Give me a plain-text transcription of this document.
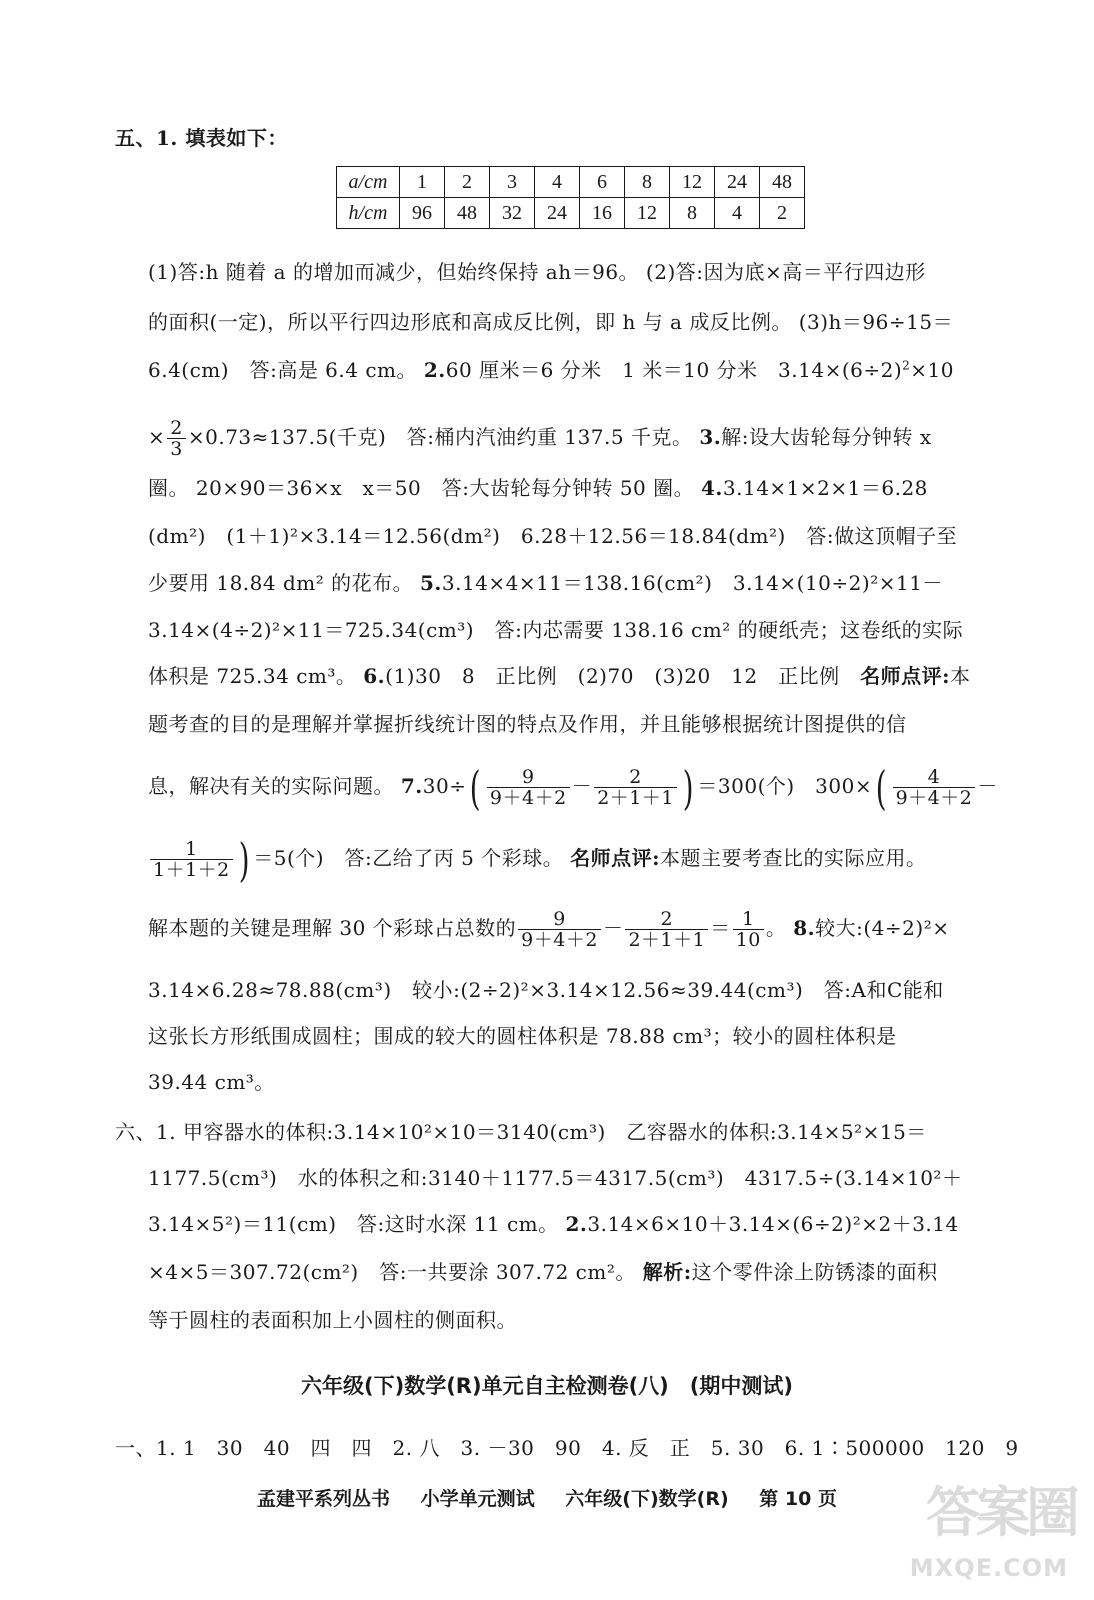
五、1. 填表如下：
a/cm	1	2	3	4	6	8	12	24	48
h/cm	96	48	32	24	16	12	8	4	2
(1)答:h 随着 a 的增加而减少，但始终保持 ah＝96。 (2)答:因为底×高＝平行四边形
的面积(一定)，所以平行四边形底和高成反比例，即 h 与 a 成反比例。 (3)h＝96÷15＝
6.4(cm)　答:高是 6.4 cm。 2.60 厘米＝6 分米　1 米＝10 分米　$3.14\times(6\div 2)^2\times 10$
× $\frac{2}{3} \times 0.73\approx 137.5$(千克)　答:桶内汽油约重 137.5 千克。 3.解:设大齿轮每分钟转 x
圈。 20×90＝36×x　x＝50　答:大齿轮每分钟转 50 圈。 4.3.14×1×2×1＝6.28
(dm²)　(1＋1)²×3.14＝12.56(dm²)　6.28＋12.56＝18.84(dm²)　答:做这顶帽子至
少要用 18.84 dm² 的花布。 5.3.14×4×11＝138.16(cm²)　3.14×(10÷2)²×11－
3.14×(4÷2)²×11＝725.34(cm³)　答:内芯需要 138.16 cm² 的硬纸壳；这卷纸的实际
体积是 725.34 cm³。 6.(1)30　8　正比例　(2)70　(3)20　12　正比例　 名师点评:本
题考查的目的是理解并掌握折线统计图的特点及作用，并且能够根据统计图提供的信
息，解决有关的实际问题。 $7.30\div( \frac{9}{9+4+2} - \frac{2}{2+1+1}$ ) ＝300(个)　$300\times( \frac{4}{9+4+2}$ －
$\frac{1}{1+1+2}$ ) ＝5(个)　答:乙给了丙 5 个彩球。 名师点评:本题主要考查比的实际应用。
解本题的关键是理解 30 个彩球占总数的 $\frac{9}{9+4+2} - \frac{2}{2+1+1} = \frac{1}{10}$ 。 8.较大:(4÷2)²×
3.14×6.28≈78.88(cm³)　较小:(2÷2)²×3.14×12.56≈39.44(cm³)　答:A和C能和
这张长方形纸围成圆柱；围成的较大的圆柱体积是 78.88 cm³；较小的圆柱体积是
39.44 cm³。
六、1. 甲容器水的体积:3.14×10²×10＝3140(cm³)　乙容器水的体积:3.14×5²×15＝
1177.5(cm³)　水的体积之和:3140＋1177.5＝4317.5(cm³)　4317.5÷(3.14×10²＋
3.14×5²)＝11(cm)　答:这时水深 11 cm。 2.3.14×6×10＋3.14×(6÷2)²×2＋3.14
×4×5＝307.72(cm²)　答:一共要涂 307.72 cm²。 解析:这个零件涂上防锈漆的面积
等于圆柱的表面积加上小圆柱的侧面积。
六年级(下)数学(R)单元自主检测卷(八)　(期中测试)
一、1. 1　30　40　四　四　2. 八　3. －30　90　4. 反　正　5. 30　6. 1∶500000　120　9
孟建平系列丛书 小学单元测试 六年级(下)数学(R) 第 10 页	答案圈
MXQE.COM
